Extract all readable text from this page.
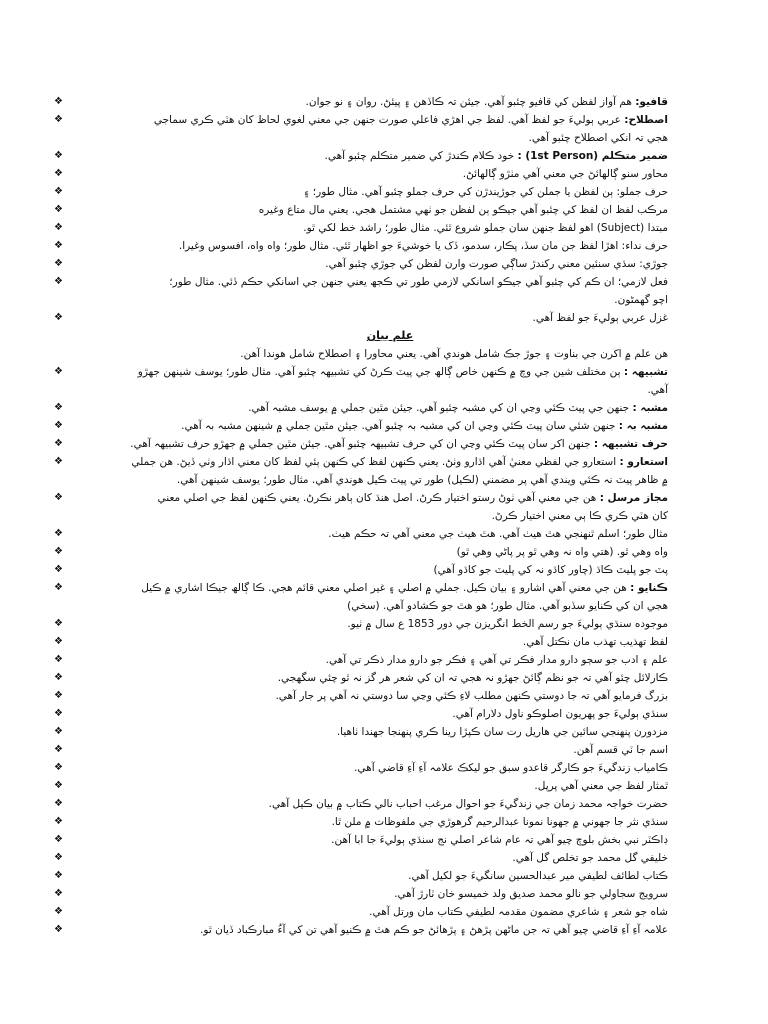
❖	قافيو: هم آواز لفظن کي قافيو چئبو آهي. جيئن تہ ڪاڏهن ۽ پيئڻ. روان ۽ نو جوان.
❖	اصطلاح: عربي ٻوليءَ جو لفظ آهي. لفظ جي اهڙي فاعلي صورت جنهن جي معني لغوي لحاظ کان هٽي ڪري سماجي
هجي تہ انکي اصطلاح چئبو آهي.
❖	ضمير متڪلم (1st Person) : خود ڪلام ڪندڙ کي ضمير متڪلم چئبو آهي.
❖	محاور سنو ڳالهائڻ جي معني آهي مٺڙو ڳالهائڻ.
❖	حرف جملو: ٻن لفظن يا جملن کي جوڙيندڙن کي حرف جملو چئبو آهي. مثال طور؛ ۽
❖	مرڪب لفظ ان لفظ کي چئبو آهي جيڪو ٻن لفظن جو ٺهي مشتمل هجي. يعني مال متاع وغيره
❖	مبتدا (Subject) اهو لفظ جنهن سان جملو شروع ٿئي. مثال طور؛ راشد خط لکي ٿو.
❖	حرف نداء: اهڙا لفظ جن مان سڏ، پڪار، سدمو، ڏک يا خوشيءَ جو اظهار ٿئي. مثال طور؛ واه واه، افسوس وغيرا.
❖	جوڙي: سڌي سنئين معني رکندڙ ساڳي صورت وارن لفظن کي جوڙي چئبو آهي.
❖	فعل لازمي؛ ان ڪم کي چئبو آهي جيڪو اسانکي لازمي طور تي ڪجھ يعني جنهن جي اسانکي حڪم ڏئي. مثال طور؛
اچو گهمڻون.
❖	غزل عربي ٻوليءَ جو لفظ آهي.
علم بيان
هن علم ۾ اکرن جي بناوت ۽ جوڙ جڪ شامل هوندي آهي. يعني محاورا ۽ اصطلاح شامل هوندا آهن.
❖	تشبيهہ : ٻن مختلف شين جي وچ ۾ ڪنهن خاص ڳالھ جي پيٽ ڪرڻ کي تشبيهہ چئبو آهي. مثال طور؛ يوسف شينهن جهڙو
آهي.
❖	مشبہ : جنهن جي پيٽ ڪئي وڃي ان کي مشبہ چئبو آهي. جيئن مٿين جملي ۾ يوسف مشبہ آهي.
❖	مشبہ بہ : جنهن شئي سان پيٽ ڪئي وڃي ان کي مشبہ بہ چئبو آهي. جيئن مٿين جملي ۾ شينهن مشبہ بہ آهي.
❖	حرف تشبيهہ : جنهن اکر سان پيٽ ڪئي وڃي ان کي حرف تشبيهہ چئبو آهي. جيئن مٿين جملي ۾ جهڙو حرف تشبيهہ آهي.
❖	استعارو : استعارو جي لفظي معنيٰ آهي اڌارو وٺڻ. يعني ڪنهن لفظ کي ڪنهن ٻئي لفظ کان معني اڌار وٺي ڏيڻ. هن جملي
۾ ظاهر پيٽ نہ ڪئي ويندي آهي پر مضمني (لڪيل) طور تي پيٽ ڪيل هوندي آهي. مثال طور؛ يوسف شينهن آهي.
❖	مجاز مرسل : هن جي معني آهي ٺوڻ رستو اختيار ڪرڻ. اصل هنڌ کان ٻاهر نڪرڻ. يعني ڪنهن لفظ جي اصلي معني
کان هٽي ڪري ڪا ٻي معني اختيار ڪرڻ.
❖	مثال طور؛ اسلم ٿنهنجي هٿ هيٺ آهي. هٿ هيٺ جي معني آهي تہ حڪم هيٺ.
❖	واه وهي ٿو. (هتي واه نہ وهي ٿو پر پاڻي وهي ٿو)
❖	پٽ جو پليٽ ڪاڌ (چاور کاڌو نہ کي پليٽ جو کاڌو آهي)
❖	ڪنايو : هن جي معني آهي اشارو ۽ بيان ڪيل. جملي ۾ اصلي ۽ غير اصلي معني قائم هجي. ڪا ڳالھ جيڪا اشاري ۾ ڪيل
هجي ان کي ڪنايو سڏبو آهي. مثال طور؛ هو هٿ جو ڪشادو آهي. (سخي)
❖	موجوده سنڌي ٻوليءَ جو رسم الخط انگريزن جي دور 1853 ع سال ۾ ٺيو.
❖	لفظ تهذيب تهذب مان نڪتل آهي.
❖	علم ۽ ادب جو سڄو دارو مدار فڪر تي آهي ۽ فڪر جو دارو مدار ذڪر تي آهي.
❖	ڪارلائل چئو آهي تہ جو نظم ڳائڻ جهڙو نہ هجي تہ ان کي شعر هر گز نہ ٿو چئي سگهجي.
❖	بزرگ فرمايو آهي تہ جا دوستي ڪنهن مطلب لاءِ ڪئي وڃي سا دوستي نہ آهي پر جار آهي.
❖	سنڌي ٻوليءَ جو پهريون اصلوڪو ناول دلارام آهي.
❖	مزدورن پنهنجي سائين جي هاريل رت سان ڪپڙا رينا ڪري پنهنجا جهندا ٺاهيا.
❖	اسم جا ٽي قسم آهن.
❖	ڪامياب زندگيءَ جو ڪارگر قاعدو سبق جو ليکڪ علامہ آءِ آءِ قاضي آهي.
❖	ٿمثار لفظ جي معني آهي پرپل.
❖	حضرت خواجہ محمد زمان جي زندگيءَ جو احوال مرغب احباب نالي ڪتاب ۾ بيان ڪيل آهي.
❖	سنڌي نثر جا جهوني ۾ جهونا نمونا عبدالرحيم گرهوڙي جي ملفوظات ۾ ملن ٿا.
❖	ڊاڪٽر نبي بخش بلوچ چيو آهي تہ عام شاعر اصلي نج سنڌي ٻوليءَ جا ابا آهن.
❖	خليفي گل محمد جو تخلص گل آهي.
❖	ڪتاب لطائف لطيفي مير عبدالحسين سانگيءَ جو لکيل آهي.
❖	سرويج سجاولي جو نالو محمد صديق ولد خميسو خان ٽارڙ آهي.
❖	شاه جو شعر ۽ شاعري مضمون مقدمہ لطيفي ڪتاب مان ورتل آهي.
❖	علامہ آءِ آءِ قاضي چيو آهي تہ جن ماڻهن پڙهڻ ۽ پڙهائڻ جو ڪم هٿ ۾ ڪنيو آهي تن کي آءُ مبارڪباد ڏيان ٿو.
